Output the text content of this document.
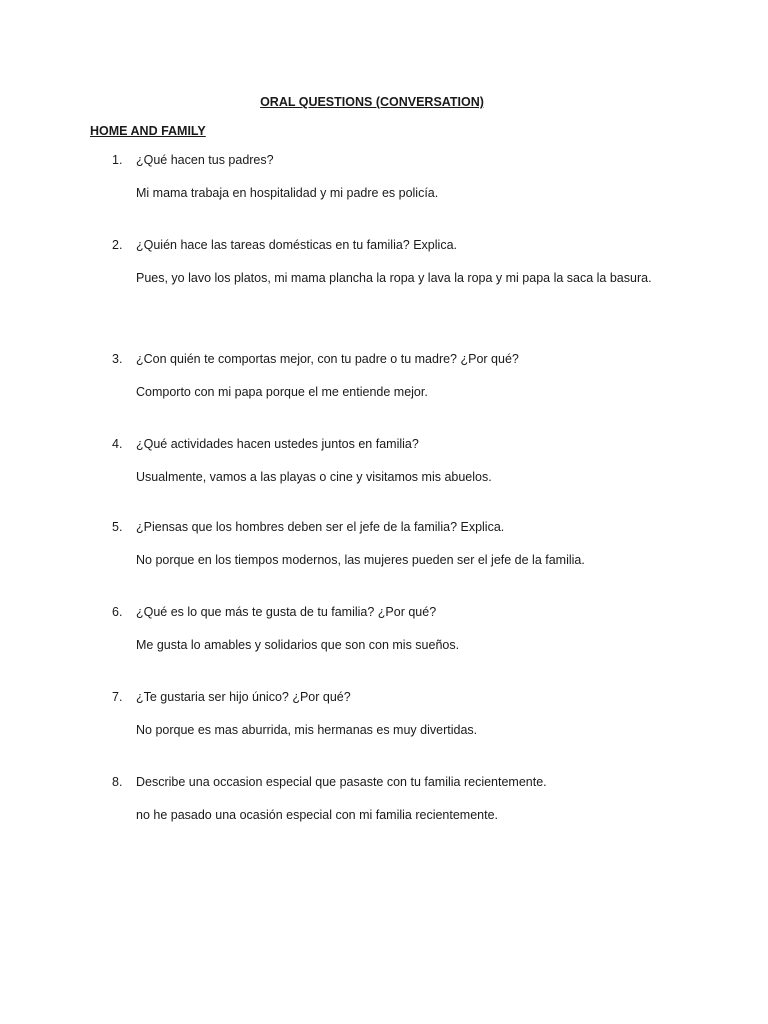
ORAL QUESTIONS (CONVERSATION)
HOME AND FAMILY
1. ¿Qué hacen tus padres?

Mi mama trabaja en hospitalidad y mi padre es policía.

2. ¿Quién hace las tareas domésticas en tu familia? Explica.

Pues, yo lavo los platos, mi mama plancha la ropa y lava la ropa y mi papa la saca la basura.

3. ¿Con quién te comportas mejor, con tu padre o tu madre? ¿Por qué?

Comporto con mi papa porque el me entiende mejor.

4. ¿Qué actividades hacen ustedes juntos en familia?

Usualmente, vamos a las playas o cine y visitamos mis abuelos.

5. ¿Piensas que los hombres deben ser el jefe de la familia? Explica.

No porque en los tiempos modernos, las mujeres pueden ser el jefe de la familia.

6. ¿Qué es lo que más te gusta de tu familia? ¿Por qué?

Me gusta lo amables y solidarios que son con mis sueños.

7. ¿Te gustaria ser hijo único? ¿Por qué?

No porque es mas aburrida, mis hermanas es muy divertidas.

8. Describe una occasion especial que pasaste con tu familia recientemente.

no he pasado una ocasión especial con mi familia recientemente.
